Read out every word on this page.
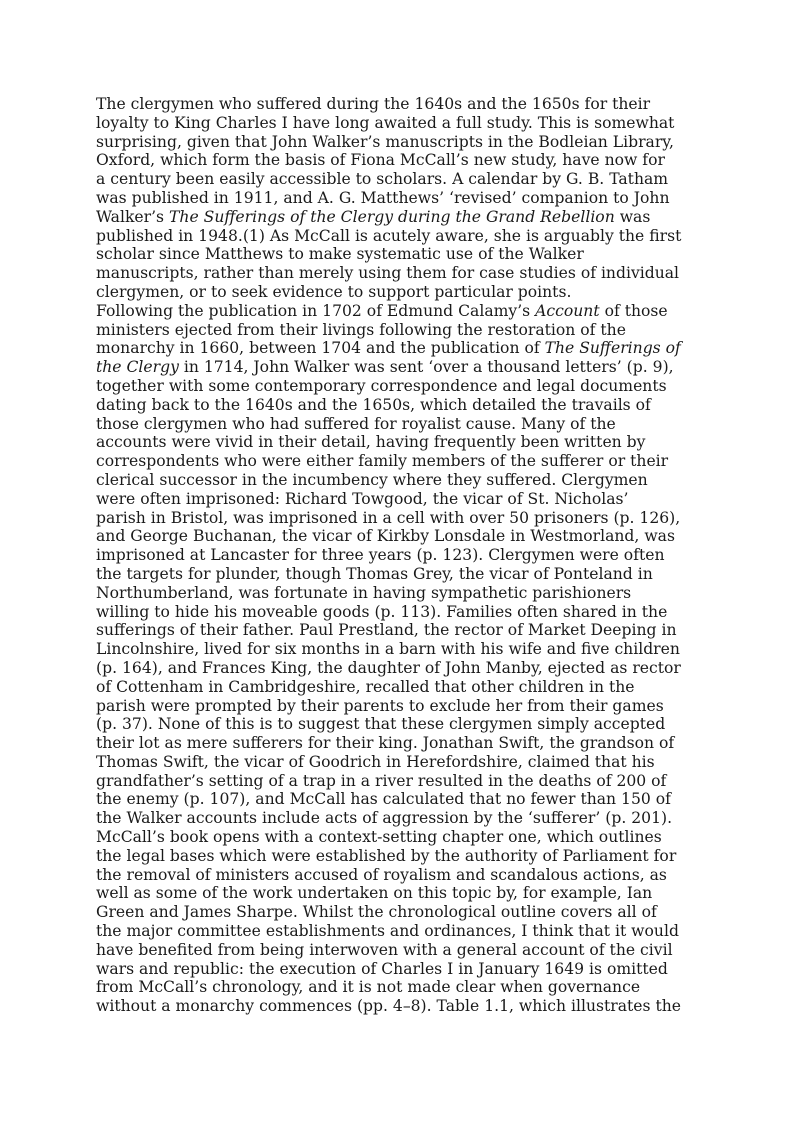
The clergymen who suffered during the 1640s and the 1650s for their
loyalty to King Charles I have long awaited a full study. This is somewhat
surprising, given that John Walker’s manuscripts in the Bodleian Library,
Oxford, which form the basis of Fiona McCall’s new study, have now for
a century been easily accessible to scholars. A calendar by G. B. Tatham
was published in 1911, and A. G. Matthews’ ‘revised’ companion to John
Walker’s The Sufferings of the Clergy during the Grand Rebellion was
published in 1948.(1) As McCall is acutely aware, she is arguably the first
scholar since Matthews to make systematic use of the Walker
manuscripts, rather than merely using them for case studies of individual
clergymen, or to seek evidence to support particular points.

Following the publication in 1702 of Edmund Calamy’s Account of those
ministers ejected from their livings following the restoration of the
monarchy in 1660, between 1704 and the publication of The Sufferings of
the Clergy in 1714, John Walker was sent ‘over a thousand letters’ (p. 9),
together with some contemporary correspondence and legal documents
dating back to the 1640s and the 1650s, which detailed the travails of
those clergymen who had suffered for royalist cause. Many of the
accounts were vivid in their detail, having frequently been written by
correspondents who were either family members of the sufferer or their
clerical successor in the incumbency where they suffered. Clergymen
were often imprisoned: Richard Towgood, the vicar of St. Nicholas’
parish in Bristol, was imprisoned in a cell with over 50 prisoners (p. 126),
and George Buchanan, the vicar of Kirkby Lonsdale in Westmorland, was
imprisoned at Lancaster for three years (p. 123). Clergymen were often
the targets for plunder, though Thomas Grey, the vicar of Ponteland in
Northumberland, was fortunate in having sympathetic parishioners
willing to hide his moveable goods (p. 113). Families often shared in the
sufferings of their father. Paul Prestland, the rector of Market Deeping in
Lincolnshire, lived for six months in a barn with his wife and five children
(p. 164), and Frances King, the daughter of John Manby, ejected as rector
of Cottenham in Cambridgeshire, recalled that other children in the
parish were prompted by their parents to exclude her from their games
(p. 37). None of this is to suggest that these clergymen simply accepted
their lot as mere sufferers for their king. Jonathan Swift, the grandson of
Thomas Swift, the vicar of Goodrich in Herefordshire, claimed that his
grandfather’s setting of a trap in a river resulted in the deaths of 200 of
the enemy (p. 107), and McCall has calculated that no fewer than 150 of
the Walker accounts include acts of aggression by the ‘sufferer’ (p. 201).

McCall’s book opens with a context-setting chapter one, which outlines
the legal bases which were established by the authority of Parliament for
the removal of ministers accused of royalism and scandalous actions, as
well as some of the work undertaken on this topic by, for example, Ian
Green and James Sharpe. Whilst the chronological outline covers all of
the major committee establishments and ordinances, I think that it would
have benefited from being interwoven with a general account of the civil
wars and republic: the execution of Charles I in January 1649 is omitted
from McCall’s chronology, and it is not made clear when governance
without a monarchy commences (pp. 4–8). Table 1.1, which illustrates the
